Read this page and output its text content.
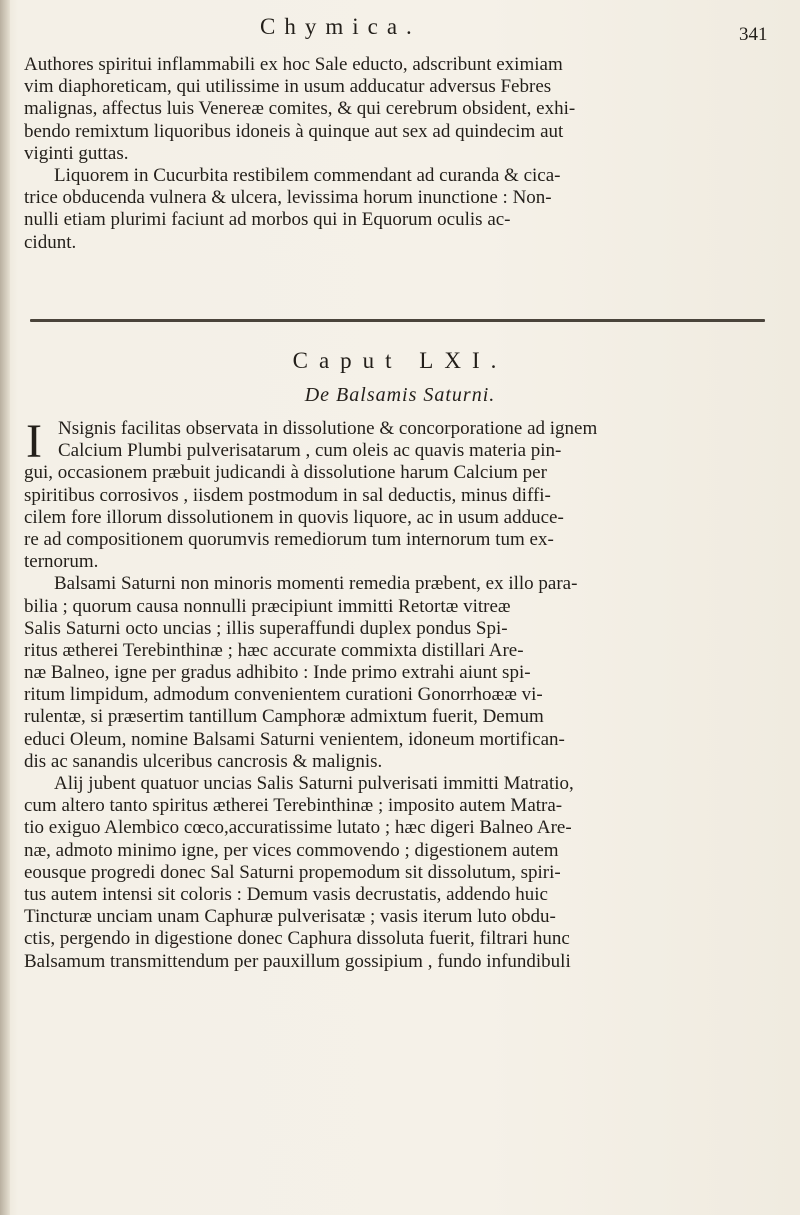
Chymica.	341
Authores spiritui inflammabili ex hoc Sale educto, adscribunt eximiam
vim diaphoreticam, qui utilissime in usum adducatur adversus Febres
malignas, affectus luis Venereæ comites, & qui cerebrum obsident, exhi-
bendo remixtum liquoribus idoneis à quinque aut sex ad quindecim aut
viginti guttas.
Liquorem in Cucurbita restibilem commendant ad curanda & cica-
trice obducenda vulnera & ulcera, levissima horum inunctione : Non-
nulli etiam plurimi faciunt ad morbos qui in Equorum oculis ac-
cidunt.
Caput LXI.
De Balsamis Saturni.
I Nsignis facilitas observata in dissolutione & concorporatione ad ignem
Calcium Plumbi pulverisatarum , cum oleis ac quavis materia pin-
gui, occasionem præbuit judicandi à dissolutione harum Calcium per
spiritibus corrosivos , iisdem postmodum in sal deductis, minus diffi-
cilem fore illorum dissolutionem in quovis liquore, ac in usum adduce-
re ad compositionem quorumvis remediorum tum internorum tum ex-
ternorum.
Balsami Saturni non minoris momenti remedia præbent, ex illo para-
bilia ; quorum causa nonnulli præcipiunt immitti Retortæ vitreæ
Salis Saturni octo uncias ; illis superaffundi duplex pondus Spi-
ritus ætherei Terebinthinæ ; hæc accurate commixta distillari Are-
næ Balneo, igne per gradus adhibito : Inde primo extrahi aiunt spi-
ritum limpidum, admodum convenientem curationi Gonorrhoææ vi-
rulentæ, si præsertim tantillum Camphoræ admixtum fuerit, Demum
educi Oleum, nomine Balsami Saturni venientem, idoneum mortifican-
dis ac sanandis ulceribus cancrosis & malignis.
Alij jubent quatuor uncias Salis Saturni pulverisati immitti Matratio,
cum altero tanto spiritus ætherei Terebinthinæ ; imposito autem Matra-
tio exiguo Alembico cœco,accuratissime lutato ; hæc digeri Balneo Are-
næ, admoto minimo igne, per vices commovendo ; digestionem autem
eousque progredi donec Sal Saturni propemodum sit dissolutum, spiri-
tus autem intensi sit coloris : Demum vasis decrustatis, addendo huic
Tincturæ unciam unam Caphuræ pulverisatæ ; vasis iterum luto obdu-
ctis, pergendo in digestione donec Caphura dissoluta fuerit, filtrari hunc
Balsamum transmittendum per pauxillum gossipium , fundo infundibuli
